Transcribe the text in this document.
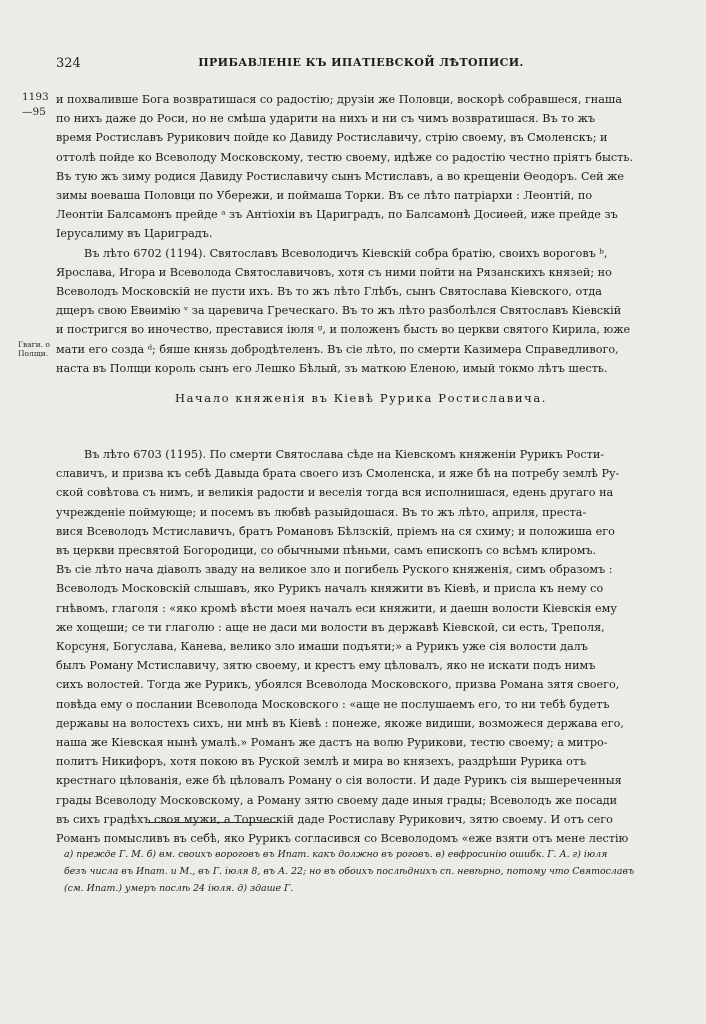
324	ПРИБАВЛЕНІЕ КЪ ИПАТІЕВСКОЙ ЛѢТОПИСИ.
1193
—95
Гваги. о
Полщи.

и похваливше Бога возвратишася со радостію; друзіи же Половци, воскорѣ собравшеся, гнаша

по нихъ даже до Роси, но не смѣша ударити на нихъ и ни съ чимъ возвратишася. Въ то жъ

время Ростиславъ Рурикович пойде ко Давиду Ростиславичу, стрію своему, въ Смоленскъ; и

оттолѣ пойде ко Всеволоду Московскому, тестю своему, идѣже со радостію честно прiятъ бысть.

Въ тую жъ зиму родися Давиду Ростиславичу сынъ Мстиславъ, а во крещеніи Ѳеодоръ. Сей же

зимы воеваша Половци по Убережи, и поймаша Торки. Въ се лѣто патріархи : Леонтій, по

Леонтіи Балсамонъ прейде ᵃ зъ Антіохіи въ Цариградъ, по Балсамонѣ Досиѳей, иже прейде зъ

Іерусалиму въ Цариградъ.

Въ лѣто 6702 (1194). Святославъ Всеволодичъ Кіевскій собра братію, своихъ вороговъ ᵇ,

Ярослава, Игора и Всеволода Святославичовъ, хотя съ ними пойти на Рязанскихъ князей; но

Всеволодъ Московскій не пусти ихъ. Въ то жъ лѣто Глѣбъ, сынъ Святослава Кіевского, отда

дщеръ свою Евѳимію ᵛ за царевича Греческаго. Въ то жъ лѣто разболѣлся Святославъ Кіевскій

и постригся во иночество, преставися іюля ᵍ, и положенъ бысть во церкви святого Кирила, юже

мати его созда ᵈ; бяше князь добродѣтеленъ. Въ сіе лѣто, по смерти Казимера Справедливого,

наста въ Полщи король сынъ его Лешко Бѣлый, зъ маткою Еленою, имый токмо лѣтъ шесть.

Начало княженія въ Кіевѣ Рурика Ростиславича.

Въ лѣто 6703 (1195). По смерти Святослава сѣде на Кіевскомъ княженіи Рурикъ Рости-

славичъ, и призва къ себѣ Давыда брата своего изъ Смоленска, и яже бѣ на потребу землѣ Ру-

ской совѣтова съ нимъ, и великія радости и веселія тогда вся исполнишася, едень другаго на

учрежденіе поймующе; и посемъ въ любвѣ разыйдошася. Въ то жъ лѣто, априля, преста-

вися Всеволодъ Мстиславичъ, братъ Романовъ Бѣлзскій, пріемъ на ся схиму; и положиша его

въ церкви пресвятой Богородици, со обычными пѣньми, самъ епископъ со всѣмъ клиромъ.

Въ сіе лѣто нача діаволъ зваду на великое зло и погибель Руского княженія, симъ образомъ :

Всеволодъ Московскій слышавъ, яко Рурикъ началъ княжити въ Кіевѣ, и присла къ нему со

гнѣвомъ, глаголя : «яко кромѣ вѣсти моея началъ еси княжити, и даешн волости Кіевскія ему

же хощеши; се ти глаголю : аще не даси ми волости въ державѣ Кіевской, си есть, Треполя,

Корсуня, Богуслава, Канева, велико зло имаши подъяти;» а Рурикъ уже сія волости далъ

былъ Роману Мстиславичу, зятю своему, и крестъ ему цѣловалъ, яко не искати подъ нимъ

сихъ волостей. Тогда же Рурикъ, убоялся Всеволода Московского, призва Романа зятя своего,

повѣда ему о послании Всеволода Московского : «аще не послушаемъ его, то ни тебѣ будетъ

державы на волостехъ сихъ, ни мнѣ въ Кіевѣ : понеже, якоже видиши, возможеся держава его,

наша же Кіевская нынѣ умалѣ.» Романъ же дастъ на волю Рурикови, тестю своему; а митро-

политъ Никифоръ, хотя покою въ Руской землѣ и мира во князехъ, раздрѣши Рурика отъ

крестнаго цѣлованія, еже бѣ цѣловалъ Роману о сія волости. И даде Рурикъ сія вышереченныя

грады Всеволоду Московскому, а Роману зятю своему даде иныя грады; Всеволодъ же посади

въ сихъ градѣхъ своя мужи, а Торческій даде Ростиславу Рурикович, зятю своему. И отъ сего

Романъ помысливъ въ себѣ, яко Рурикъ согласився со Всеволодомъ «еже взяти отъ мене лестію

а) прежде Г. М. б) вм. своихъ вороговъ въ Ипат. какъ должно въ роговъ. в) евфросинію ошибк. Г. А. г) іюля

безъ числа въ Ипат. и М., въ Г. іюля 8, въ А. 22; но въ обоихъ послѣднихъ сп. невѣрно, потому что Святославъ

(см. Ипат.) умеръ послѣ 24 іюля. д) здаше Г.
